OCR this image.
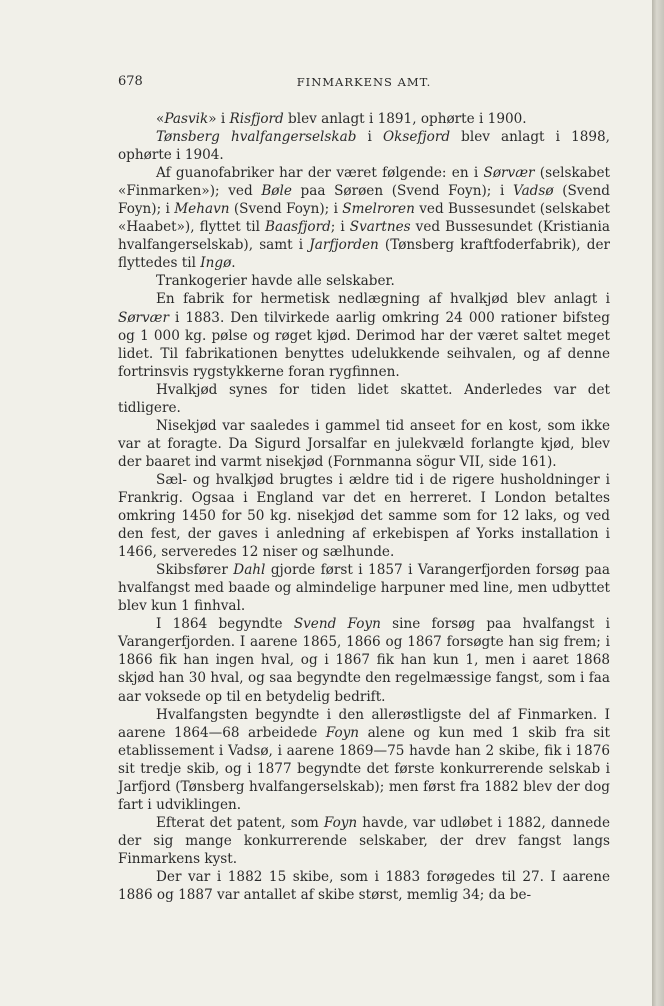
678	FINMARKENS AMT.

«Pasvik» i Risfjord blev anlagt i 1891, ophørte i 1900.

Tønsberg hvalfangerselskab i Oksefjord blev anlagt i 1898, ophørte i 1904.

Af guanofabriker har der været følgende: en i Sørvær (selskabet «Finmarken»); ved Bøle paa Sørøen (Svend Foyn); i Vadsø (Svend Foyn); i Mehavn (Svend Foyn); i Smelroren ved Bussesundet (selskabet «Haabet»), flyttet til Baasfjord; i Svartnes ved Bussesundet (Kristiania hvalfangerselskab), samt i Jarfjorden (Tønsberg kraftfoderfabrik), der flyttedes til Ingø.

Trankogerier havde alle selskaber.

En fabrik for hermetisk nedlægning af hvalkjød blev anlagt i Sørvær i 1883. Den tilvirkede aarlig omkring 24 000 rationer bifsteg og 1 000 kg. pølse og røget kjød. Derimod har der været saltet meget lidet. Til fabrikationen benyttes udelukkende seihvalen, og af denne fortrinsvis rygstykkerne foran rygfinnen.

Hvalkjød synes for tiden lidet skattet. Anderledes var det tidligere.

Nisekjød var saaledes i gammel tid anseet for en kost, som ikke var at foragte. Da Sigurd Jorsalfar en julekvæld forlangte kjød, blev der baaret ind varmt nisekjød (Fornmanna sögur VII, side 161).

Sæl- og hvalkjød brugtes i ældre tid i de rigere husholdninger i Frankrig. Ogsaa i England var det en herreret. I London betaltes omkring 1450 for 50 kg. nisekjød det samme som for 12 laks, og ved den fest, der gaves i anledning af erkebispen af Yorks installation i 1466, serveredes 12 niser og sælhunde.

Skibsfører Dahl gjorde først i 1857 i Varangerfjorden forsøg paa hvalfangst med baade og almindelige harpuner med line, men udbyttet blev kun 1 finhval.

I 1864 begyndte Svend Foyn sine forsøg paa hvalfangst i Varangerfjorden. I aarene 1865, 1866 og 1867 forsøgte han sig frem; i 1866 fik han ingen hval, og i 1867 fik han kun 1, men i aaret 1868 skjød han 30 hval, og saa begyndte den regelmæssige fangst, som i faa aar voksede op til en betydelig bedrift.

Hvalfangsten begyndte i den allerøstligste del af Finmarken. I aarene 1864—68 arbeidede Foyn alene og kun med 1 skib fra sit etablissement i Vadsø, i aarene 1869—75 havde han 2 skibe, fik i 1876 sit tredje skib, og i 1877 begyndte det første konkurrerende selskab i Jarfjord (Tønsberg hvalfangerselskab); men først fra 1882 blev der dog fart i udviklingen.

Efterat det patent, som Foyn havde, var udløbet i 1882, dannede der sig mange konkurrerende selskaber, der drev fangst langs Finmarkens kyst.

Der var i 1882 15 skibe, som i 1883 forøgedes til 27. I aarene 1886 og 1887 var antallet af skibe størst, memlig 34; da be-
